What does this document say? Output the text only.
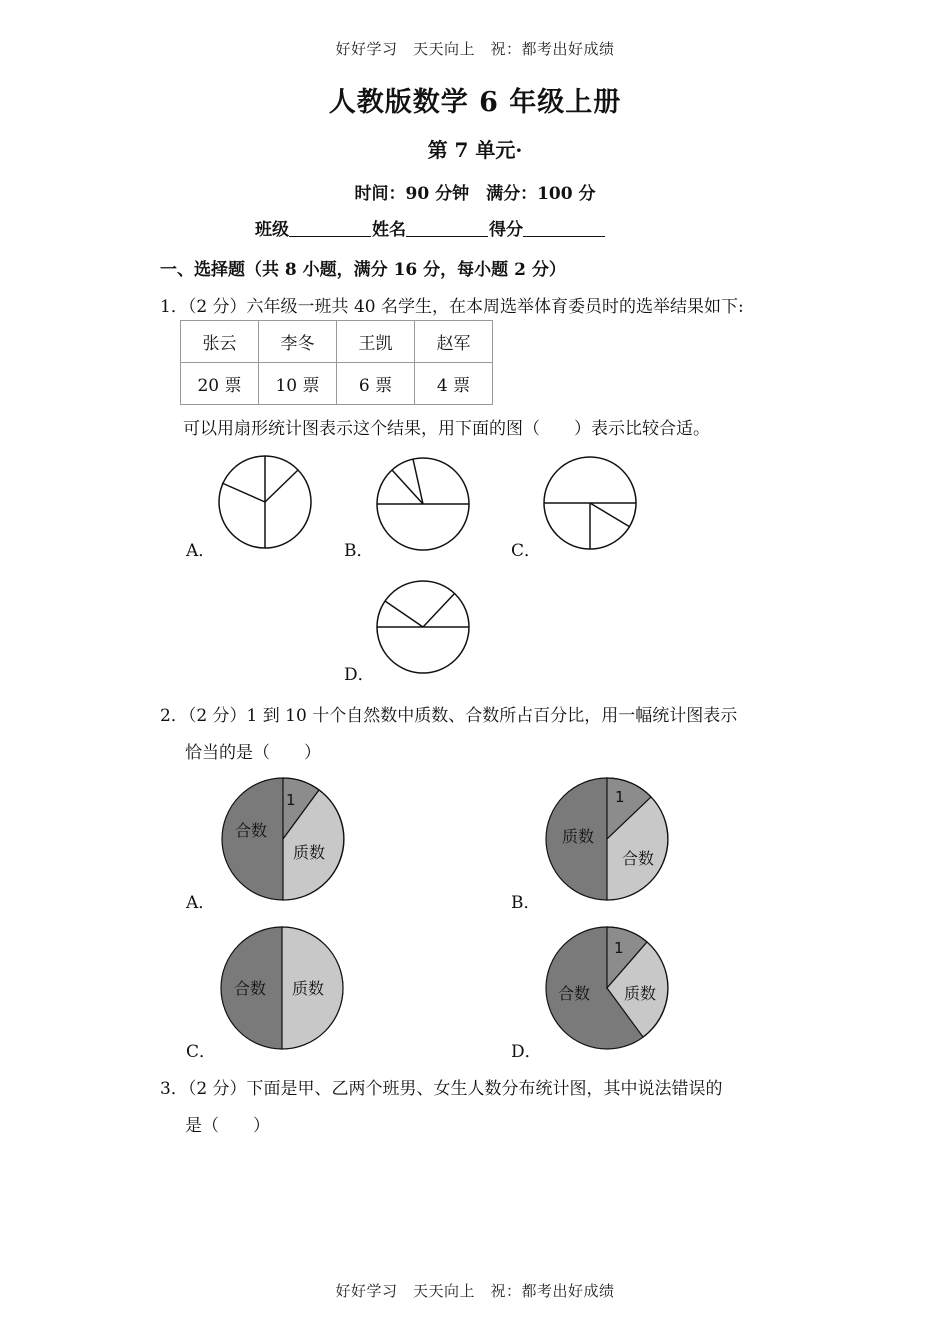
好好学习　天天向上　祝：都考出好成绩
人教版数学 6 年级上册
第 7 单元·
时间：90 分钟　满分：100 分
班级	姓名	得分
一、选择题（共 8 小题，满分 16 分，每小题 2 分）
1．（2 分）六年级一班共 40 名学生，在本周选举体育委员时的选举结果如下:
张云	李冬	王凯	赵军
20 票	10 票	6 票	4 票
可以用扇形统计图表示这个结果，用下面的图（　　）表示比较合适。
A．	B．	C．
D．
2．（2 分）1 到 10 十个自然数中质数、合数所占百分比，用一幅统计图表示
恰当的是（　　）
1
合数
质数
1
质数
合数
合数 质数
1
合数 质数
A．	B．
C．	D．
3．（2 分）下面是甲、乙两个班男、女生人数分布统计图，其中说法错误的
是（　　）
好好学习　天天向上　祝：都考出好成绩
